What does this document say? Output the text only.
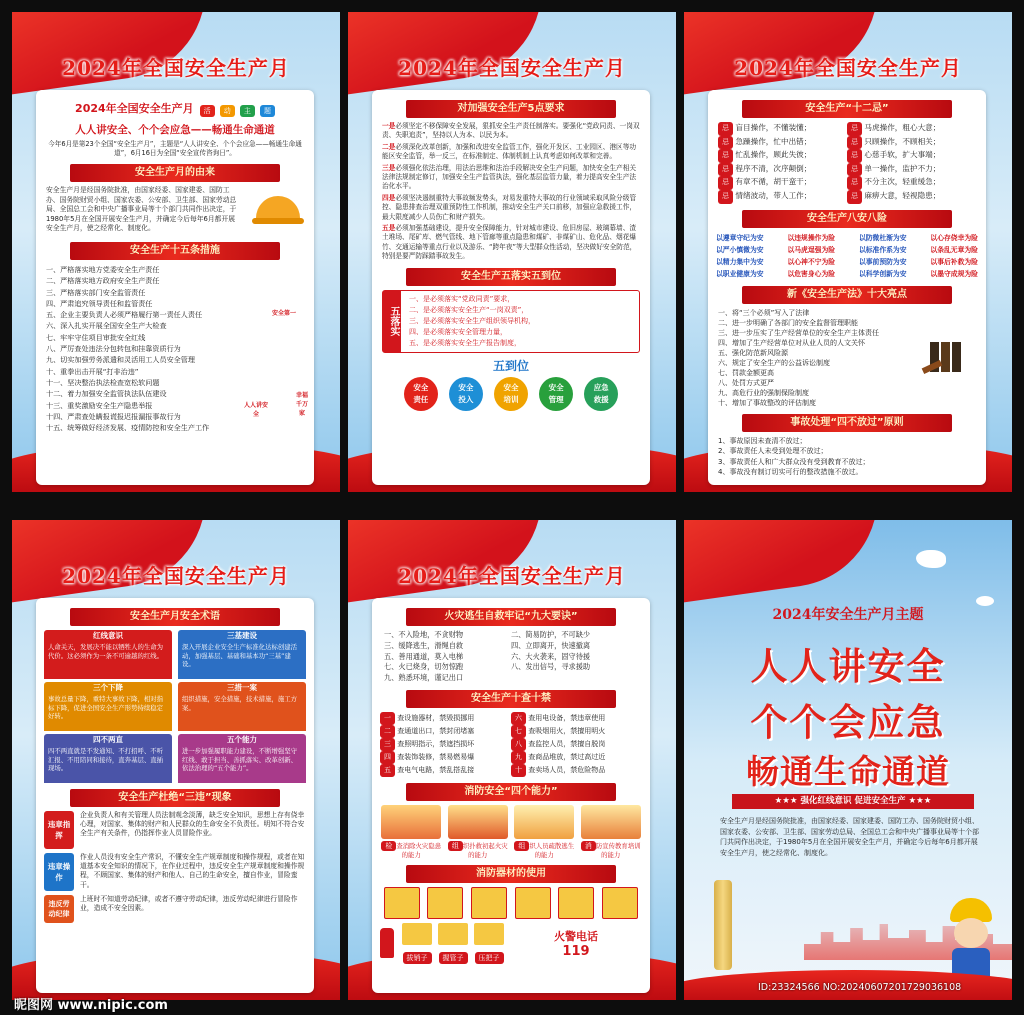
2024年全国安全生产月
2024年全国安全生产月	活 动 主 题
人人讲安全、个个会应急——畅通生命通道
今年6月是第23个全国“安全生产月”，主题是“人人讲安全、个个会应急——畅通生命通道”，6月16日为全国“安全宣传咨询日”。
安全生产月的由来
安全生产月是经国务院批准，由国家经委、国家建委、国防工办、国务院财贸小组、国家农委、公安部、卫生部、国家劳动总局、全国总工会和中央广播事业局等十个部门共同作出决定，于1980年5月在全国开展安全生产月，并确定今后每年6月都开展安全生产月，使之经常化、制度化。
安全生产十五条措施
一、严格落实地方党委安全生产责任
二、严格落实地方政府安全生产责任
三、严格落实部门安全监管责任
四、严肃追究领导责任和监管责任
五、企业主要负责人必须严格履行第一责任人责任
六、深入扎实开展全国安全生产大检查
七、牢牢守住项目审批安全红线
八、严厉查处违法分包转包和挂靠资质行为
九、切实加强劳务派遣和灵活用工人员安全管理
十、重拳出击开展“打非治违”
十一、坚决整治执法检查宽松软问题
十二、着力加强安全监管执法队伍建设
十三、重奖激励安全生产隐患举报
十四、严肃查处瞒报谎报迟报漏报事故行为
十五、统筹做好经济发展、疫情防控和安全生产工作
安全第一
人人讲安全
幸福千万家
2024年全国安全生产月
对加强安全生产5点要求
一是必须坚定不移保障安全发展，狠抓安全生产责任制落实。要强化“党政同责、一岗双责、失职追责”，坚持以人为本、以民为本。
二是必须深化改革创新，加强和改进安全监管工作，强化开发区、工业园区、港区等功能区安全监管，举一反三，在标准制定、体制机制上认真考虑如何改革和完善。
三是必须强化依法治理，用法治思维和法治手段解决安全生产问题，加快安全生产相关法律法规制定修订，加强安全生产监管执法，强化基层监管力量，着力提高安全生产法治化水平。
四是必须坚决遏制重特大事故频发势头，对易发重特大事故的行业领域采取风险分级管控、隐患排查治理双重预防性工作机制，推动安全生产关口前移，加强应急救援工作，最大限度减少人员伤亡和财产损失。
五是必须加强基础建设，提升安全保障能力，针对城市建设、危旧房屋、玻璃幕墙、渣土堆场、尾矿库、燃气管线、地下管廊等重点隐患和煤矿、非煤矿山、危化品、烟花爆竹、交通运输等重点行业以及游乐、“跨年夜”等大型群众性活动，坚决做好安全防范，特别是要严防踩踏事故发生。
安全生产五落实五到位
五落实
一、是必须落实“党政同责”要求，
二、是必须落实安全生产“一岗双责”，
三、是必须落实安全生产组织领导机构，
四、是必须落实安全管理力量，
五、是必须落实安全生产报告制度，
五到位
安全
责任 安全
投入 安全
培训 安全
管理 应急
救援
2024年全国安全生产月
安全生产“十二忌”
忌 盲目操作，不懂装懂；	忌 马虎操作，粗心大意；
忌 急躁操作，忙中出错；	忌 只顾操作，不顾相关；
忌 忙乱操作，顾此失彼；	忌 心慈手软，扩大事端；
忌 程序不清，次序颠倒；	忌 单一操作，监护不力；
忌 有章不循，胡干蛮干；	忌 不分主次，轻重缓急；
忌 情绪波动，带人工作；	忌 麻痹大意，轻视隐患；
安全生产八安八险
以遵章守纪为安	以违规操作为险	以防微杜渐为安	以心存侥幸为险
以严小慎微为安	以马虎逞强为险	以标准作系为安	以条乱无章为险
以精力集中为安	以心神不宁为险	以事前预防为安	以事后补救为险
以职业健康为安	以危害身心为险	以科学创新为安	以墨守成规为险
新《安全生产法》十大亮点
一、将“三个必须”写入了法律
二、进一步明确了各部门的安全监督管理职能
三、进一步压实了生产经营单位的安全生产主体责任
四、增加了生产经营单位对从业人员的人文关怀
五、强化防范新风险源
六、规定了安全生产的公益诉讼制度
七、罚款金额更高
八、处罚方式更严
九、高危行业的强制保险制度
十、增加了事故整改的评估制度
事故处理“四不放过”原则
1、事故原因未查清不放过；
2、事故责任人未受到处理不放过；
3、事故责任人和广大群众没有受到教育不放过；
4、事故没有制订切实可行的整改措施不放过。
2024年全国安全生产月
安全生产月安全术语
红线意识
人命关天，发展决不能以牺牲人的生命为代价。这必须作为一条不可逾越的红线。
三基建设
深入开展企业安全生产标准化达标创建活动，加强基层、基础和基本功“三基”建设。
三个下降
事故总量下降，重特大事故下降，相对指标下降，促进全国安全生产形势持续稳定好转。
三措一案
组织措施，安全措施，技术措施，施工方案。
四不两直
四不两直就是不发通知、不打招呼、不听汇报、不用陪同和接待，直奔基层、直插现场。
五个能力
进一步加强履职能力建设，不断增强坚守红线、敢于担当、善抓落实、改革创新、依法治理的“五个能力”。
安全生产杜绝“三违”现象
违章指挥
企业负责人和有关管理人员法制观念淡薄，缺乏安全知识，思想上存有侥幸心理，对国家、集体的财产和人民群众的生命安全不负责任。明知不符合安全生产有关条件，仍指挥作业人员冒险作业。
违章操作
作业人员没有安全生产常识，不懂安全生产规章制度和操作规程，或者在知道基本安全知识的情况下，在作业过程中，违反安全生产规章制度和操作规程，不顾国家、集体的财产和他人、自己的生命安全，擅自作业，冒险蛮干。
违反劳动纪律
上班时不知道劳动纪律，或者不遵守劳动纪律，违反劳动纪律进行冒险作业，造成不安全因素。
2024年全国安全生产月
火灾逃生自救牢记“九大要诀”
一、不入险地，不贪财物
三、缓降逃生，滑绳自救
五、善用通道，莫入电梯
七、火已烧身，切勿惊跑
九、熟悉环境，谨记出口
二、简易防护，不可缺少
四、立即离开，快速撤离
六、大火袭来，固守待援
八、发出信号，寻求援助
安全生产十查十禁
一 查设施器材，禁毁损挪用	六 查用电设备，禁违章使用
二 查通道出口，禁封闭堵塞	七 查吸烟用火，禁擅用明火
三 查照明指示，禁遮挡损坏	八 查监控人员，禁擅自脱岗
四 查装饰装修，禁易燃易爆	九 查商品堆放，禁过高过近
五 查电气电路，禁乱搭乱接	十 查卖场人员，禁危险物品
消防安全“四个能力”
检 查消除火灾隐患的能力
组 织扑救初起火灾的能力
组 织人员疏散逃生的能力
消 防宣传教育培训的能力
消防器材的使用
拔销子	握管子	压把子
火警电话
119
2024年安全生产月主题
人人讲安全
个个会应急
畅通生命通道
★★★ 强化红线意识 促进安全生产 ★★★
安全生产月是经国务院批准，由国家经委、国家建委、国防工办、国务院财贸小组、国家农委、公安部、卫生部、国家劳动总局、全国总工会和中央广播事业局等十个部门共同作出决定，于1980年5月在全国开展安全生产月，并确定今后每年6月都开展安全生产月，使之经常化、制度化。
昵图网 www.nipic.com
ID:23324566 NO:20240607201729036108
